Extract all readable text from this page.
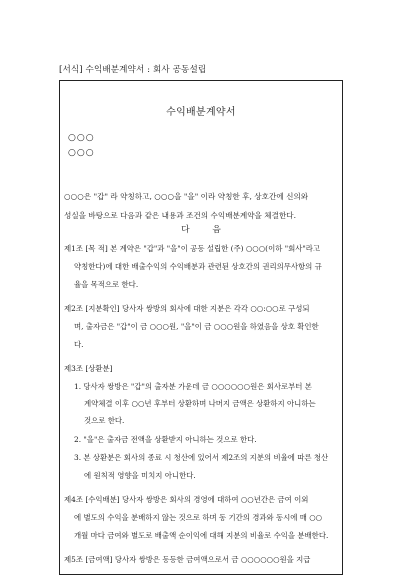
[서식] 수익배분계약서 : 회사 공동설립
수익배분계약서
○○○
○○○
○○○은 "갑" 라 약칭하고, ○○○을 "을" 이라 약칭한 후, 상호간에 신의와
성실을 바탕으로 다음과 같은 내용과 조건의 수익배분계약을 체결한다.
다 음
제1조 [목 적] 본 계약은 "갑"과 "을"이 공동 설립한 (주) ○○○(이하 "회사"라고
약칭한다)에 대한 배출수익의 수익배분과 관련된 상호간의 권리의무사항의 규
율을 목적으로 한다.
제2조 [지분확인] 당사자 쌍방의 회사에 대한 지분은 각각 ○○:○○로 구성되
며, 출자금은 "갑"이 금 ○○○원, "을"이 금 ○○○원을 하였음을 상호 확인한
다.
제3조 [상환분]
1. 당사자 쌍방은 "갑"의 출자분 가운데 금 ○○○○○○원은 회사로부터 본
계약체결 이후 ○○년 후부터 상환하며 나머지 금액은 상환하지 아니하는
것으로 한다.
2. "을"은 출자금 전액을 상환받지 아니하는 것으로 한다.
3. 본 상환분은 회사의 종료 시 청산에 있어서 제2조의 지분의 비율에 따른 청산
에 원칙적 영향을 미치지 아니한다.
제4조 [수익배분] 당사자 쌍방은 회사의 경영에 대하여 ○○년간은 금여 이외
에 별도의 수익을 분배하지 않는 것으로 하며 동 기간의 경과와 동시에 매 ○○
개월 마다 금여와 별도로 배출액 순이익에 대해 지분의 비율로 수익을 분배한다.
제5조 [금여액] 당사자 쌍방은 동등한 금여액으로서 금 ○○○○○○원을 지급
